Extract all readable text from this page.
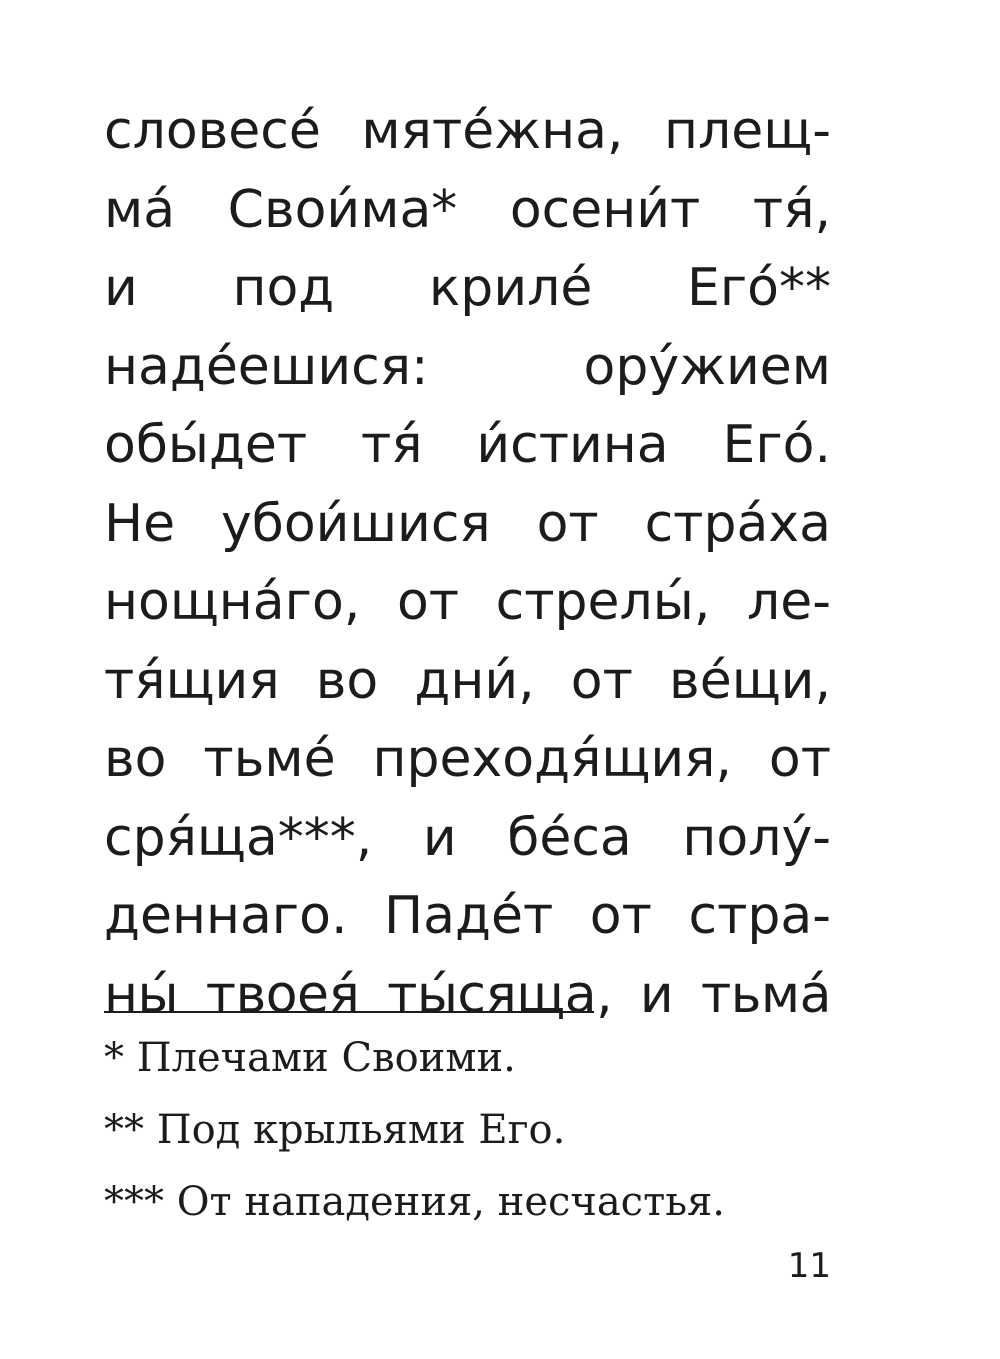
словесе́ мяте́жна, плещ-
ма́ Свои́ма* осени́т тя́,
и под криле́ Его́**
наде́ешися: ору́жием
обы́дет тя́ и́стина Его́.
Не убои́шися от стра́ха
нощна́го, от стрелы́, ле-
тя́щия во дни́, от ве́щи,
во тьме́ преходя́щия, от
сря́ща***, и бе́са полу́-
деннаго. Паде́т от стра-
ны́ твоея́ ты́сяща, и тьма́
* Плечами Своими.
** Под крыльями Его.
*** От нападения, несчастья.
11
